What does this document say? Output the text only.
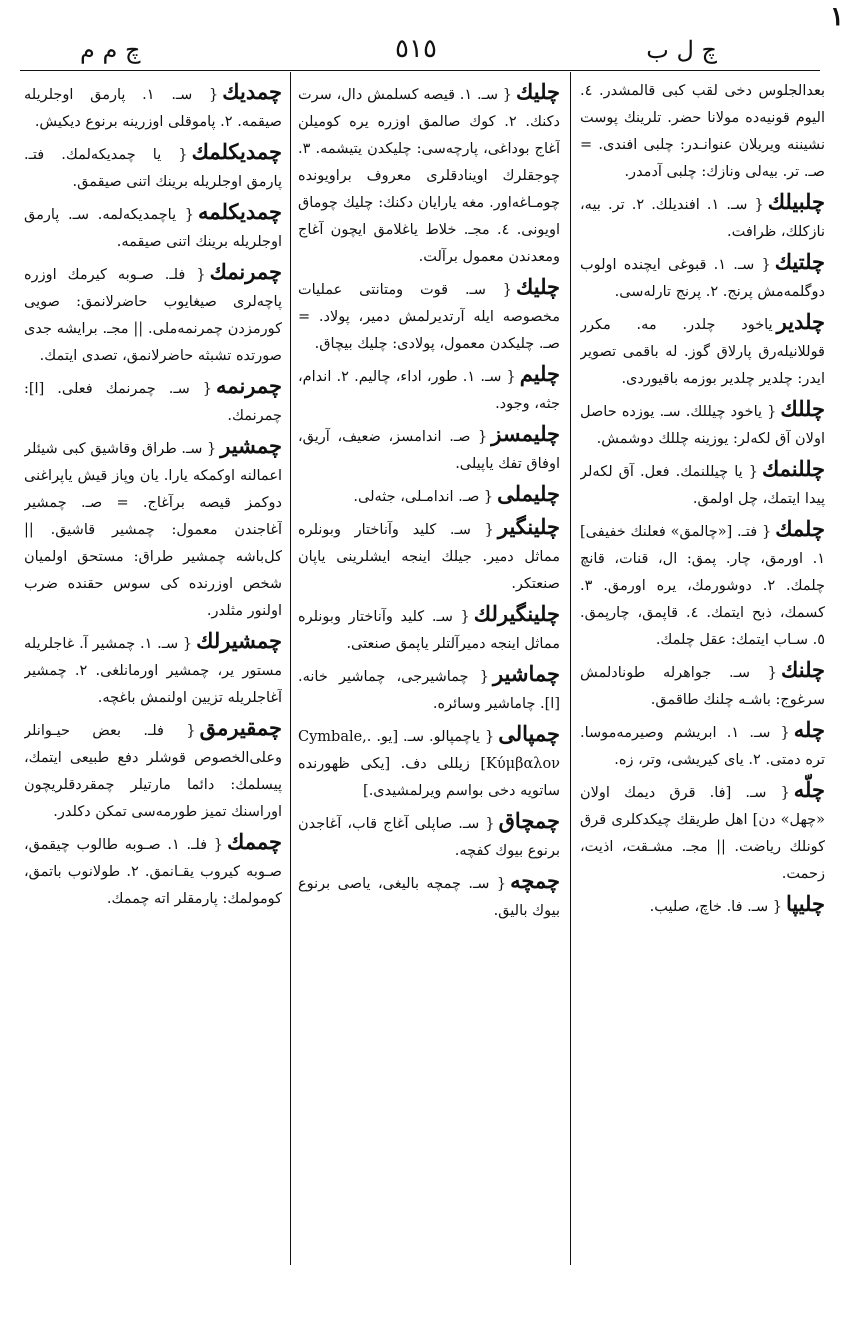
١
چ ل ب
٥١٥
چ م م

بعدالجلوس دخی لقب کبی قالمشدر. ٤. الیوم قونیه‌ده مولانا حضر. تلرینك پوست نشیننه ویریلان عنوانـدر: چلبی افندی. = صـ. تر. بیه‌لی ونازك: چلبی آدمدر.

چلبیلك{ سـ. ١. افندیلك. ٢. تر. بیه، نازكلك، ظرافت.

چلتیك{ سـ. ١. قبوغی ایچنده اولوب دوگلمه‌مش پرنج. ٢. پرنج تارله‌سی.

چلدیریاخود چلدر. مه. مكرر قوللانیلەرق پارلاق گوز. له باقمی تصویر ایدر: چلدیر چلدیر بوزمه باقیوردی.

چللك{ یاخود چیللك. سـ. یوزده حاصل اولان آق لكه‌لر: یوزینه چللك دوشمش.

چللنمك{ یا چیللنمك. فعل. آق لكه‌لر پیدا ایتمك، چل اولمق.

چلمك{ فتـ. [«چالمق» فعلنك خفیفی] ١. اورمق، چار. پمق: ال، قنات، قانچ چلمك. ٢. دوشورمك، یره اورمق. ٣. كسمك، ذبح ایتمك. ٤. قاپمق، چارپمق. ٥. سـاب ایتمك: عقل چلمك.

چلنك{ سـ. جواهرله طونادلمش سرغوج: باشـه چلنك طاقمق.

چله{ سـ. ١. ابریشم وصیرمه‌موسا. تره دمتی. ٢. یای كیریشی، وتر، زه.

چلّه{ سـ. [فا. قرق دیمك اولان «چهل» دن] اهل طریقك چیكدكلری قرق كونلك ریاضت. || مجـ. مشـقت، اذیت، زحمت.

چلیپا{ سـ. فا. خاچ، صلیب.

چلیك{ سـ. ١. قیصه كسلمش دال، سرت دكنك. ٢. كوك صالمق اوزره یره كومیلن آغاج بوداغی، پارچه‌سی: چلیكدن یتیشمه. ٣. چوجقلرك اوینادقلری معروف براویونده چومـاغه‌اور. مغه یارایان دكنك: چلیك چوماق اویونی. ٤. مجـ. خلاط یاغلامق ایچون آغاج ومعدندن معمول برآلت.

چلیك{ سـ. قوت ومتانتی عملیات مخصوصه ایله آرتدیرلمش دمیر، پولاد. = صـ. چلیكدن معمول، پولادی: چلیك بیچاق.

چلیم{ سـ. ١. طور، اداء، چالیم. ٢. اندام، جثه، وجود.

چلیمسز{ صـ. اندامسز، ضعیف، آریق، اوفاق تفك یاپیلی.

چلیملی{ صـ. اندامـلی، جثه‌لی.

چلینگیر{ سـ. كلید وآناختار وبونلره مماثل دمیر. جیلك اینجه ایشلرینی یاپان صنعتكر.

چلینگیرلك{ سـ. كلید وآناختار وبونلره مماثل اینجه دمیرآلتلر یاپمق صنعتی.

چماشیر{ چماشیرجی، چماشیر خانه. [ا]. چاماشیر وسائره.

چمپالی{ یاچمپالو. سـ. [یو. Cymbale,. Κύμβαλον] زیللی دف. [یكی ظهورنده ساتویه دخی بواسم ویرلمشیدی.]

چمچاق{ سـ. صاپلی آغاج قاب، آغاجدن برنوع بیوك كفچه.

چمچه{ سـ. چمچه بالیغی، یاصی برنوع بیوك بالیق.

چمدیك{ سـ. ١. پارمق اوجلریله صیقمه. ٢. پاموقلی اوزرینه برنوع دیكیش.

چمدیكلمك{ یا چمدیكه‌لمك. فتـ. پارمق اوجلریله برینك اتنی صیقمق.

چمدیكلمه{ یاچمدیكه‌لمه. سـ. پارمق اوجلریله برینك اتنی صیقمه.

چمرنمك{ فلـ. صـوبه كیرمك اوزره پاچه‌لری صیغایوب حاضرلانمق: صویی كورمزدن چمرنمه‌ملی. || مجـ. برایشه جدی صورتده تشبثه حاضرلانمق، تصدی ایتمك.

چمرنمه{ سـ. چمرنمك فعلی. [ا]: چمرنمك.

چمشیر{ سـ. طراق وقاشیق كبی شیئلر اعمالنه اوكمکه یارا. یان وپاز قیش یاپراغنی دوكمز قیصه برآغاج. = صـ. چمشیر آغاجندن معمول: چمشیر قاشیق. || كل‌باشه چمشیر طراق: مستحق اولمیان شخص اوزرنده كی سوس حقنده ضرب اولنور مثلدر.

چمشیرلك{ سـ. ١. چمشیر آ. غاجلریله مستور یر، چمشیر اورمانلغی. ٢. چمشیر آغاجلریله تزیین اولنمش باغچه.

چمقیرمق{ فلـ. بعض حیـوانلر وعلی‌الخصوص قوشلر دفع طبیعی ایتمك، پیسلمك: دائما مارتیلر چمقردقلریچون اوراسنك تمیز طورمه‌سی تمكن دكلدر.

چممك{ فلـ. ١. صـوبه طالوب چیقمق، صـوبه كیروب یقـانمق. ٢. طولانوب باتمق، كومولمك: پارمقلر اته چممك.
